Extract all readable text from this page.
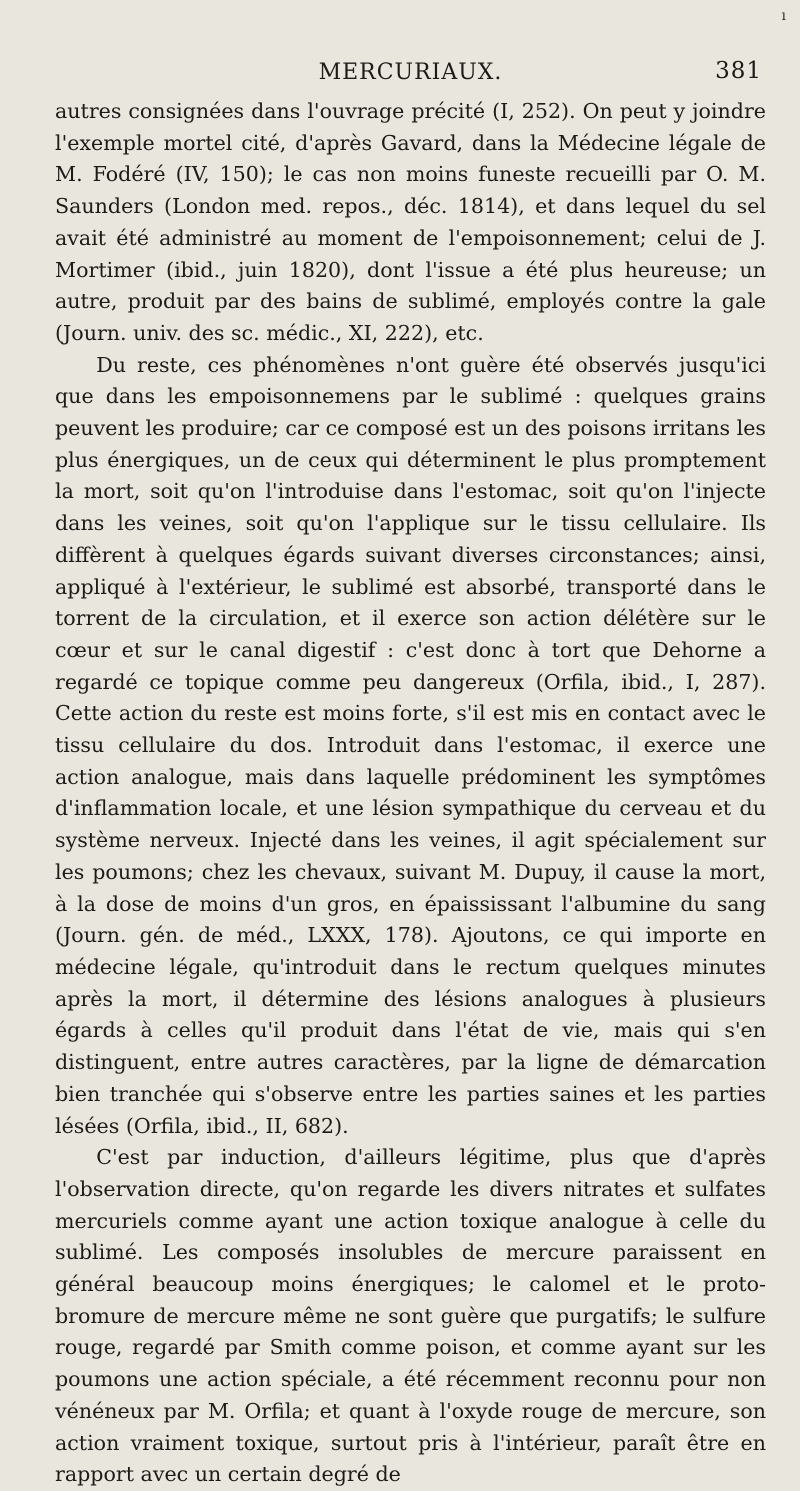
ı
MERCURIAUX.	381

autres consignées dans l'ouvrage précité (I, 252). On peut y joindre l'exemple mortel cité, d'après Gavard, dans la Médecine légale de M. Fodéré (IV, 150); le cas non moins funeste recueilli par O. M. Saunders (London med. repos., déc. 1814), et dans lequel du sel avait été administré au moment de l'empoisonnement; celui de J. Mortimer (ibid., juin 1820), dont l'issue a été plus heureuse; un autre, produit par des bains de sublimé, employés contre la gale (Journ. univ. des sc. médic., XI, 222), etc.

Du reste, ces phénomènes n'ont guère été observés jusqu'ici que dans les empoisonnemens par le sublimé : quelques grains peuvent les produire; car ce composé est un des poisons irritans les plus énergiques, un de ceux qui déterminent le plus promptement la mort, soit qu'on l'introduise dans l'estomac, soit qu'on l'injecte dans les veines, soit qu'on l'applique sur le tissu cellulaire. Ils diffèrent à quelques égards suivant diverses circonstances; ainsi, appliqué à l'extérieur, le sublimé est absorbé, transporté dans le torrent de la circulation, et il exerce son action délétère sur le cœur et sur le canal digestif : c'est donc à tort que Dehorne a regardé ce topique comme peu dangereux (Orfila, ibid., I, 287). Cette action du reste est moins forte, s'il est mis en contact avec le tissu cellulaire du dos. Introduit dans l'estomac, il exerce une action analogue, mais dans laquelle prédominent les symptômes d'inflammation locale, et une lésion sympathique du cerveau et du système nerveux. Injecté dans les veines, il agit spécialement sur les poumons; chez les chevaux, suivant M. Dupuy, il cause la mort, à la dose de moins d'un gros, en épaississant l'albumine du sang (Journ. gén. de méd., LXXX, 178). Ajoutons, ce qui importe en médecine légale, qu'introduit dans le rectum quelques minutes après la mort, il détermine des lésions analogues à plusieurs égards à celles qu'il produit dans l'état de vie, mais qui s'en distinguent, entre autres caractères, par la ligne de démarcation bien tranchée qui s'observe entre les parties saines et les parties lésées (Orfila, ibid., II, 682).

C'est par induction, d'ailleurs légitime, plus que d'après l'observation directe, qu'on regarde les divers nitrates et sulfates mercuriels comme ayant une action toxique analogue à celle du sublimé. Les composés insolubles de mercure paraissent en général beaucoup moins énergiques; le calomel et le proto-bromure de mercure même ne sont guère que purgatifs; le sulfure rouge, regardé par Smith comme poison, et comme ayant sur les poumons une action spéciale, a été récemment reconnu pour non vénéneux par M. Orfila; et quant à l'oxyde rouge de mercure, son action vraiment toxique, surtout pris à l'intérieur, paraît être en rapport avec un certain degré de
